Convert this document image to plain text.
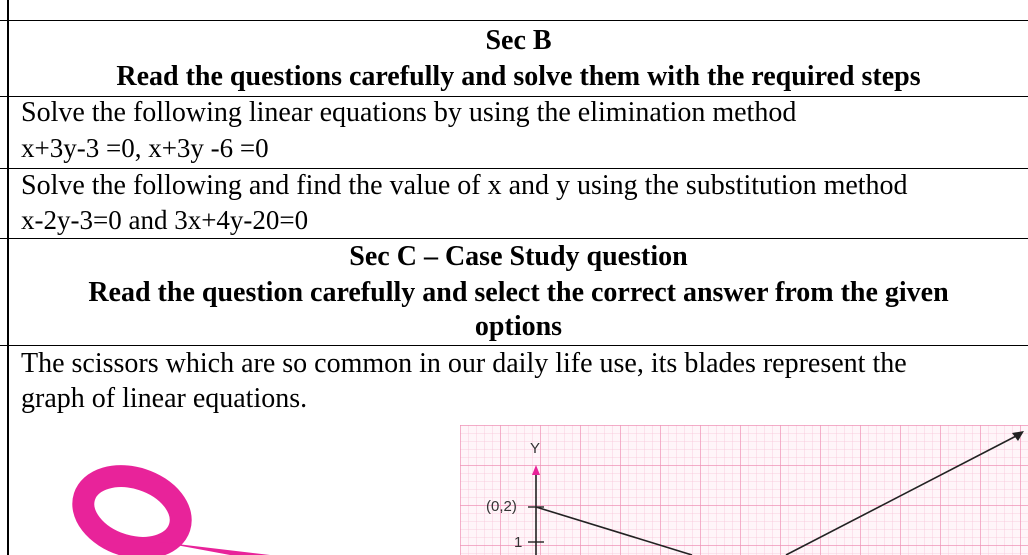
Sec B
Read the questions carefully and solve them with the required steps
Solve the following linear equations by using the elimination method
x+3y-3 =0, x+3y -6 =0
Solve the following and find the value of x and y using the substitution method
x-2y-3=0 and 3x+4y-20=0
Sec C – Case Study question
Read the question carefully and select the correct answer from the given
options
The scissors which are so common in our daily life use, its blades represent the
graph of linear equations.
Y
(0,2)
1
